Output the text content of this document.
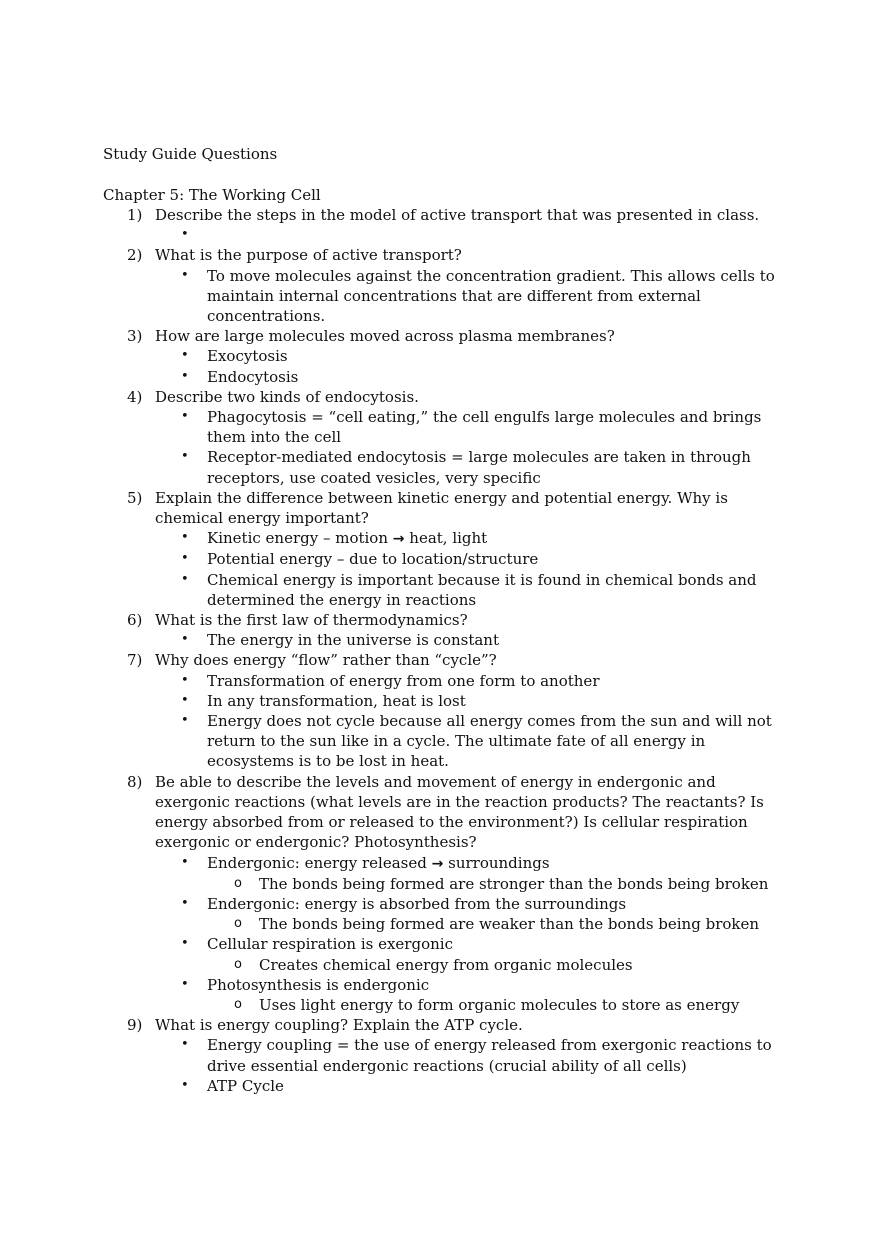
Study Guide Questions
Chapter 5: The Working Cell
1) Describe the steps in the model of active transport that was presented in class.
•

2) What is the purpose of active transport?
• To move molecules against the concentration gradient. This allows cells to maintain internal concentrations that are different from external concentrations.
3) How are large molecules moved across plasma membranes?
• Exocytosis
• Endocytosis
4) Describe two kinds of endocytosis.
• Phagocytosis = “cell eating,” the cell engulfs large molecules and brings them into the cell
• Receptor-mediated endocytosis = large molecules are taken in through receptors, use coated vesicles, very specific
5) Explain the difference between kinetic energy and potential energy. Why is chemical energy important?
• Kinetic energy – motion → heat, light
• Potential energy – due to location/structure
• Chemical energy is important because it is found in chemical bonds and determined the energy in reactions
6) What is the first law of thermodynamics?
• The energy in the universe is constant
7) Why does energy “flow” rather than “cycle”?
• Transformation of energy from one form to another
• In any transformation, heat is lost
• Energy does not cycle because all energy comes from the sun and will not return to the sun like in a cycle. The ultimate fate of all energy in ecosystems is to be lost in heat.
8) Be able to describe the levels and movement of energy in endergonic and exergonic reactions (what levels are in the reaction products? The reactants? Is energy absorbed from or released to the environment?) Is cellular respiration exergonic or endergonic? Photosynthesis?
• Endergonic: energy released → surroundings
o The bonds being formed are stronger than the bonds being broken
• Endergonic: energy is absorbed from the surroundings
o The bonds being formed are weaker than the bonds being broken
• Cellular respiration is exergonic
o Creates chemical energy from organic molecules
• Photosynthesis is endergonic
o Uses light energy to form organic molecules to store as energy
9) What is energy coupling? Explain the ATP cycle.
• Energy coupling = the use of energy released from exergonic reactions to drive essential endergonic reactions (crucial ability of all cells)
• ATP Cycle
